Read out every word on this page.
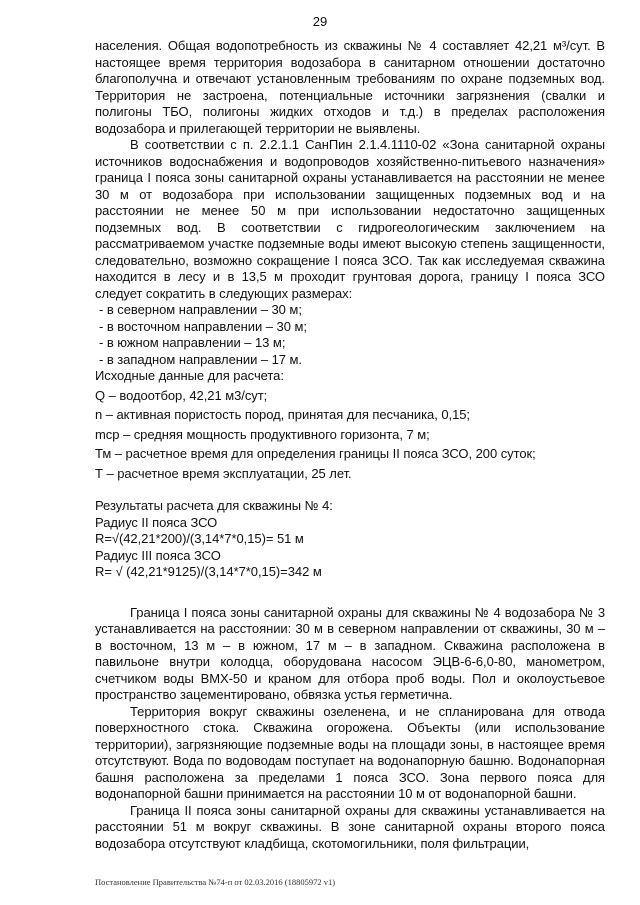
29

населения. Общая водопотребность из скважины № 4 составляет 42,21 м³/сут. В настоящее время территория водозабора в санитарном отношении достаточно благополучна и отвечают установленным требованиям по охране подземных вод. Территория не застроена, потенциальные источники загрязнения (свалки и полигоны ТБО, полигоны жидких отходов и т.д.) в пределах расположения водозабора и прилегающей территории не выявлены.

В соответствии с п. 2.2.1.1 СанПин 2.1.4.1110-02 «Зона санитарной охраны источников водоснабжения и водопроводов хозяйственно-питьевого назначения» граница I пояса зоны санитарной охраны устанавливается на расстоянии не менее 30 м от водозабора при использовании защищенных подземных вод и на расстоянии не менее 50 м при использовании недостаточно защищенных подземных вод. В соответствии с гидрогеологическим заключением на рассматриваемом участке подземные воды имеют высокую степень защищенности, следовательно, возможно сокращение I пояса ЗСО. Так как исследуемая скважина находится в лесу и в 13,5 м проходит грунтовая дорога, границу I пояса ЗСО следует сократить в следующих размерах:

- в северном направлении – 30 м;

- в восточном направлении – 30 м;

- в южном направлении – 13 м;

- в западном направлении – 17 м.

Исходные данные для расчета:

Q – водоотбор, 42,21 м3/сут;

n – активная пористость пород, принятая для песчаника, 0,15;

mср – средняя мощность продуктивного горизонта, 7 м;

Тм – расчетное время для определения границы II пояса ЗСО, 200 суток;

Т – расчетное время эксплуатации, 25 лет.

Результаты расчета для скважины № 4:

Радиус II пояса ЗСО

R=√(42,21*200)/(3,14*7*0,15)= 51 м

Радиус III пояса ЗСО

R= √ (42,21*9125)/(3,14*7*0,15)=342 м

Граница I пояса зоны санитарной охраны для скважины № 4 водозабора № 3 устанавливается на расстоянии: 30 м в северном направлении от скважины, 30 м – в восточном, 13 м – в южном, 17 м – в западном. Скважина расположена в павильоне внутри колодца, оборудована насосом ЭЦВ-6-6,0-80, манометром, счетчиком воды ВМХ-50 и краном для отбора проб воды. Пол и околоустьевое пространство зацементировано, обвязка устья герметична.

Территория вокруг скважины озеленена, и не спланирована для отвода поверхностного стока. Скважина огорожена. Объекты (или использование территории), загрязняющие подземные воды на площади зоны, в настоящее время отсутствуют. Вода по водоводам поступает на водонапорную башню. Водонапорная башня расположена за пределами 1 пояса ЗСО. Зона первого пояса для водонапорной башни принимается на расстоянии 10 м от водонапорной башни.

Граница II пояса зоны санитарной охраны для скважины устанавливается на расстоянии 51 м вокруг скважины. В зоне санитарной охраны второго пояса водозабора отсутствуют кладбища, скотомогильники, поля фильтрации,

Постановление Правительства №74-п от 02.03.2016 (18805972 v1)
